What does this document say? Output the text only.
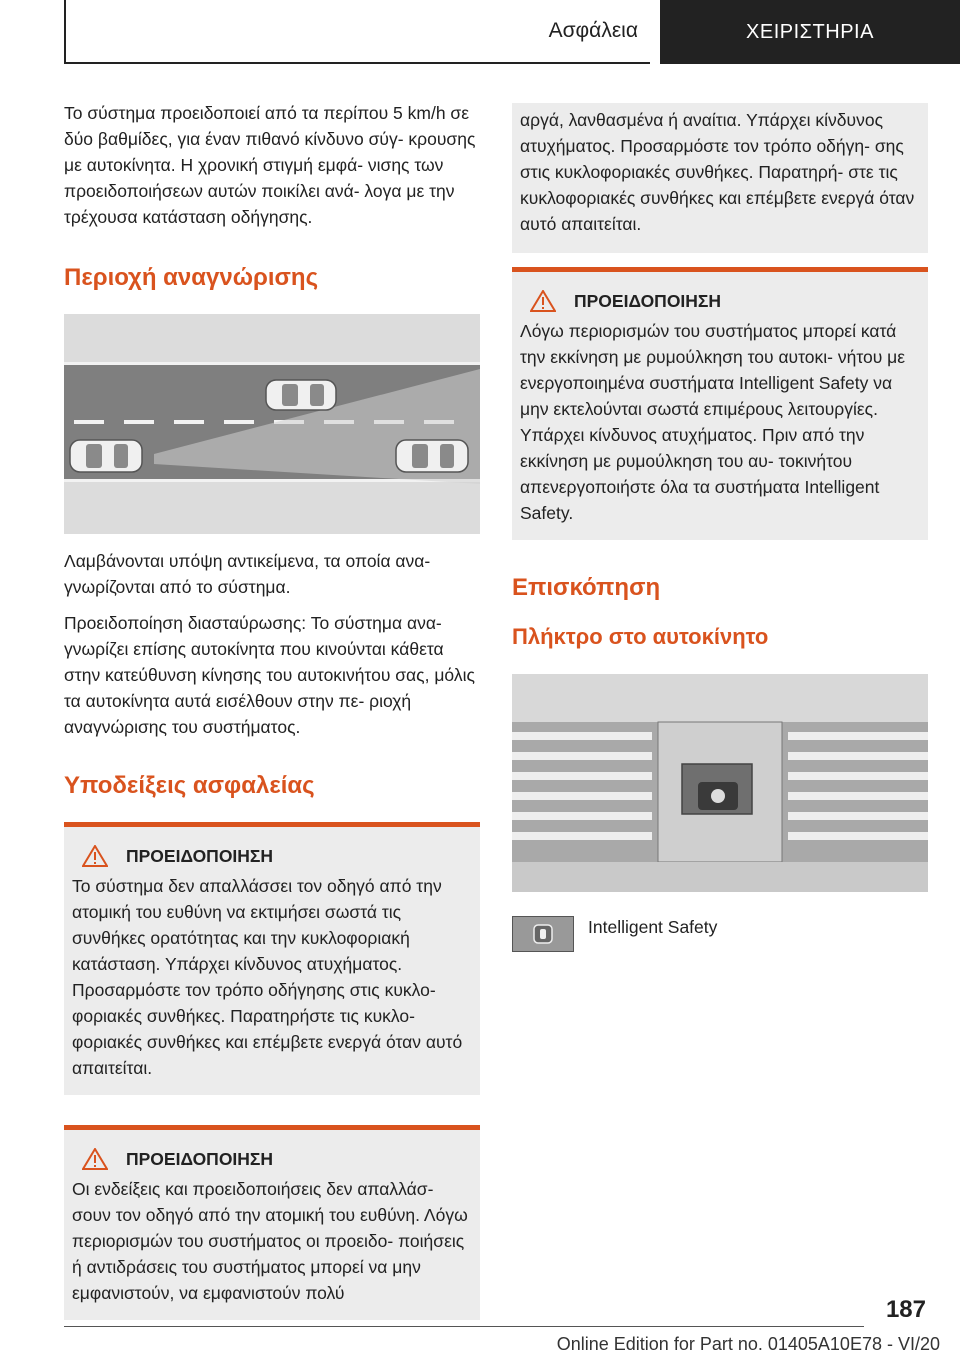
Ασφάλεια	ΧΕΙΡΙΣΤΗΡΙΑ

Το σύστημα προειδοποιεί από τα περίπου 5 km/h σε δύο βαθμίδες, για έναν πιθανό κίνδυνο σύγ‐ κρουσης με αυτοκίνητα. Η χρονική στιγμή εμφά‐ νισης των προειδοποιήσεων αυτών ποικίλει ανά‐ λογα με την τρέχουσα κατάσταση οδήγησης.

Περιοχή αναγνώρισης

Λαμβάνονται υπόψη αντικείμενα, τα οποία ανα‐ γνωρίζονται από το σύστημα.

Προειδοποίηση διασταύρωσης: Το σύστημα ανα‐ γνωρίζει επίσης αυτοκίνητα που κινούνται κάθετα στην κατεύθυνση κίνησης του αυτοκινήτου σας, μόλις τα αυτοκίνητα αυτά εισέλθουν στην πε‐ ριοχή αναγνώρισης του συστήματος.

Υποδείξεις ασφαλείας
ΠΡΟΕΙΔΟΠΟΙΗΣΗ

Το σύστημα δεν απαλλάσσει τον οδηγό από την ατομική του ευθύνη να εκτιμήσει σωστά τις συνθήκες ορατότητας και την κυκλοφοριακή κατάσταση. Υπάρχει κίνδυνος ατυχήματος. Προσαρμόστε τον τρόπο οδήγησης στις κυκλο‐ φοριακές συνθήκες. Παρατηρήστε τις κυκλο‐ φοριακές συνθήκες και επέμβετε ενεργά όταν αυτό απαιτείται.

ΠΡΟΕΙΔΟΠΟΙΗΣΗ

Οι ενδείξεις και προειδοποιήσεις δεν απαλλάσ‐ σουν τον οδηγό από την ατομική του ευθύνη. Λόγω περιορισμών του συστήματος οι προειδο‐ ποιήσεις ή αντιδράσεις του συστήματος μπορεί να μην εμφανιστούν, να εμφανιστούν πολύ

αργά, λανθασμένα ή αναίτια. Υπάρχει κίνδυνος ατυχήματος. Προσαρμόστε τον τρόπο οδήγη‐ σης στις κυκλοφοριακές συνθήκες. Παρατηρή‐ στε τις κυκλοφοριακές συνθήκες και επέμβετε ενεργά όταν αυτό απαιτείται.

ΠΡΟΕΙΔΟΠΟΙΗΣΗ

Λόγω περιορισμών του συστήματος μπορεί κατά την εκκίνηση με ρυμούλκηση του αυτοκι‐ νήτου με ενεργοποιημένα συστήματα Intelligent Safety να μην εκτελούνται σωστά επιμέρους λειτουργίες. Υπάρχει κίνδυνος ατυχήματος. Πριν από την εκκίνηση με ρυμούλκηση του αυ‐ τοκινήτου απενεργοποιήστε όλα τα συστήματα Intelligent Safety.

Επισκόπηση
Πλήκτρο στο αυτοκίνητο
Intelligent Safety
187
Online Edition for Part no. 01405A10E78 - VI/20
